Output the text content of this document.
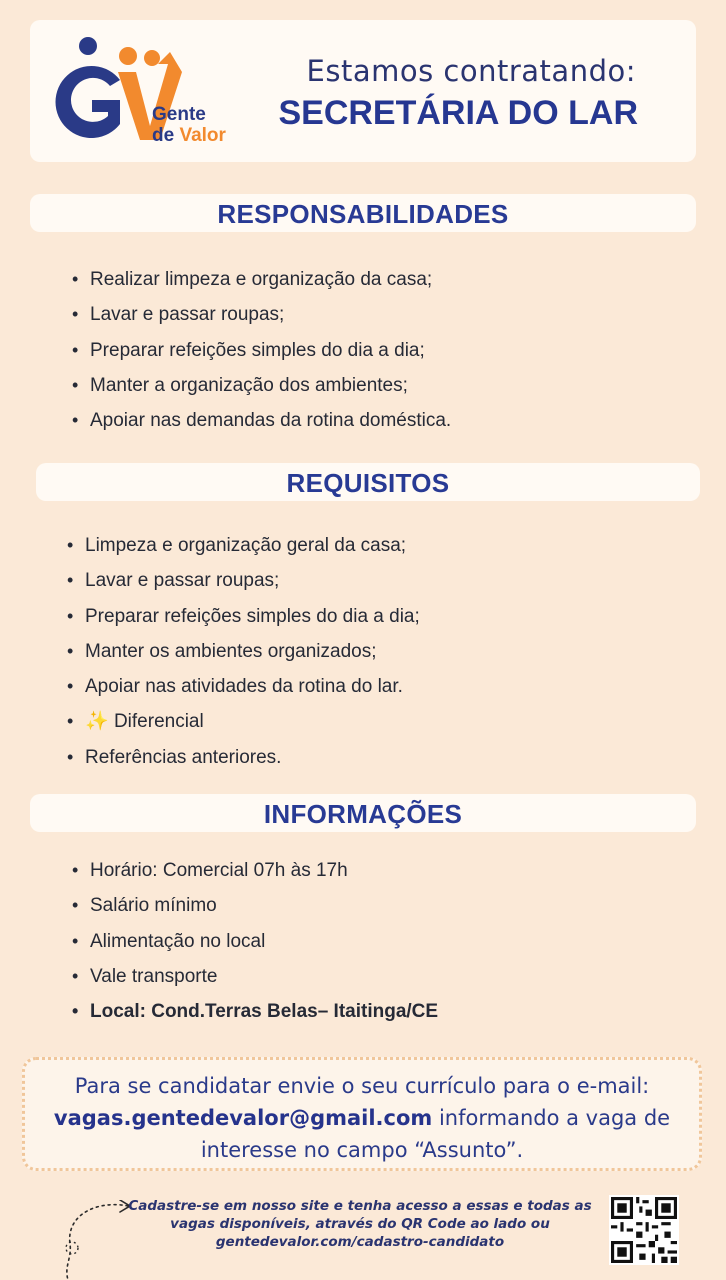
Gente
de Valor
Estamos contratando:
SECRETÁRIA DO LAR
RESPONSABILIDADES
• Realizar limpeza e organização da casa;
• Lavar e passar roupas;
• Preparar refeições simples do dia a dia;
• Manter a organização dos ambientes;
• Apoiar nas demandas da rotina doméstica.
REQUISITOS
• Limpeza e organização geral da casa;
• Lavar e passar roupas;
• Preparar refeições simples do dia a dia;
• Manter os ambientes organizados;
• Apoiar nas atividades da rotina do lar.
• ✨ Diferencial
• Referências anteriores.
INFORMAÇÕES
• Horário: Comercial 07h às 17h
• Salário mínimo
• Alimentação no local
• Vale transporte
• Local: Cond.Terras Belas– Itaitinga/CE
Para se candidatar envie o seu currículo para o e-mail:
vagas.gentedevalor@gmail.com informando a vaga de
interesse no campo “Assunto”.
Cadastre-se em nosso site e tenha acesso a essas e todas as
vagas disponíveis, através do QR Code ao lado ou
gentedevalor.com/cadastro-candidato
